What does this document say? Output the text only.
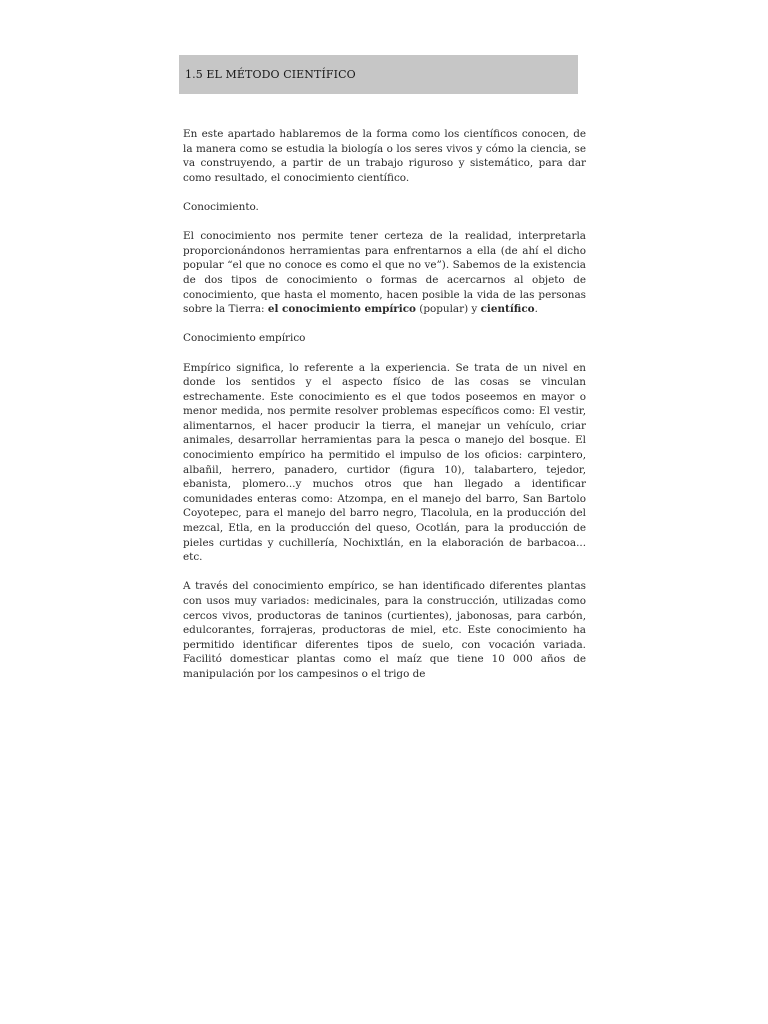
1.5 EL MÉTODO CIENTÍFICO

En este apartado hablaremos de la forma como los científicos conocen, de la manera como se estudia la biología o los seres vivos y cómo la ciencia, se va construyendo, a partir de un trabajo riguroso y sistemático, para dar como resultado, el conocimiento científico.

Conocimiento.

El conocimiento nos permite tener certeza de la realidad, interpretarla proporcionándonos herramientas para enfrentarnos a ella (de ahí el dicho popular “el que no conoce es como el que no ve”). Sabemos de la existencia de dos tipos de conocimiento o formas de acercarnos al objeto de conocimiento, que hasta el momento, hacen posible la vida de las personas sobre la Tierra: el conocimiento empírico (popular) y científico.

Conocimiento empírico

Empírico significa, lo referente a la experiencia. Se trata de un nivel en donde los sentidos y el aspecto físico de las cosas se vinculan estrechamente. Este conocimiento es el que todos poseemos en mayor o menor medida, nos permite resolver problemas específicos como: El vestir, alimentarnos, el hacer producir la tierra, el manejar un vehículo, criar animales, desarrollar herramientas para la pesca o manejo del bosque. El conocimiento empírico ha permitido el impulso de los oficios: carpintero, albañil, herrero, panadero, curtidor (figura 10), talabartero, tejedor, ebanista, plomero...y muchos otros que han llegado a identificar comunidades enteras como: Atzompa, en el manejo del barro, San Bartolo Coyotepec, para el manejo del barro negro, Tlacolula, en la producción del mezcal, Etla, en la producción del queso, Ocotlán, para la producción de pieles curtidas y cuchillería, Nochixtlán, en la elaboración de barbacoa... etc.

A través del conocimiento empírico, se han identificado diferentes plantas con usos muy variados: medicinales, para la construcción, utilizadas como cercos vivos, productoras de taninos (curtientes), jabonosas, para carbón, edulcorantes, forrajeras, productoras de miel, etc. Este conocimiento ha permitido identificar diferentes tipos de suelo, con vocación variada. Facilitó domesticar plantas como el maíz que tiene 10 000 años de manipulación por los campesinos o el trigo de
